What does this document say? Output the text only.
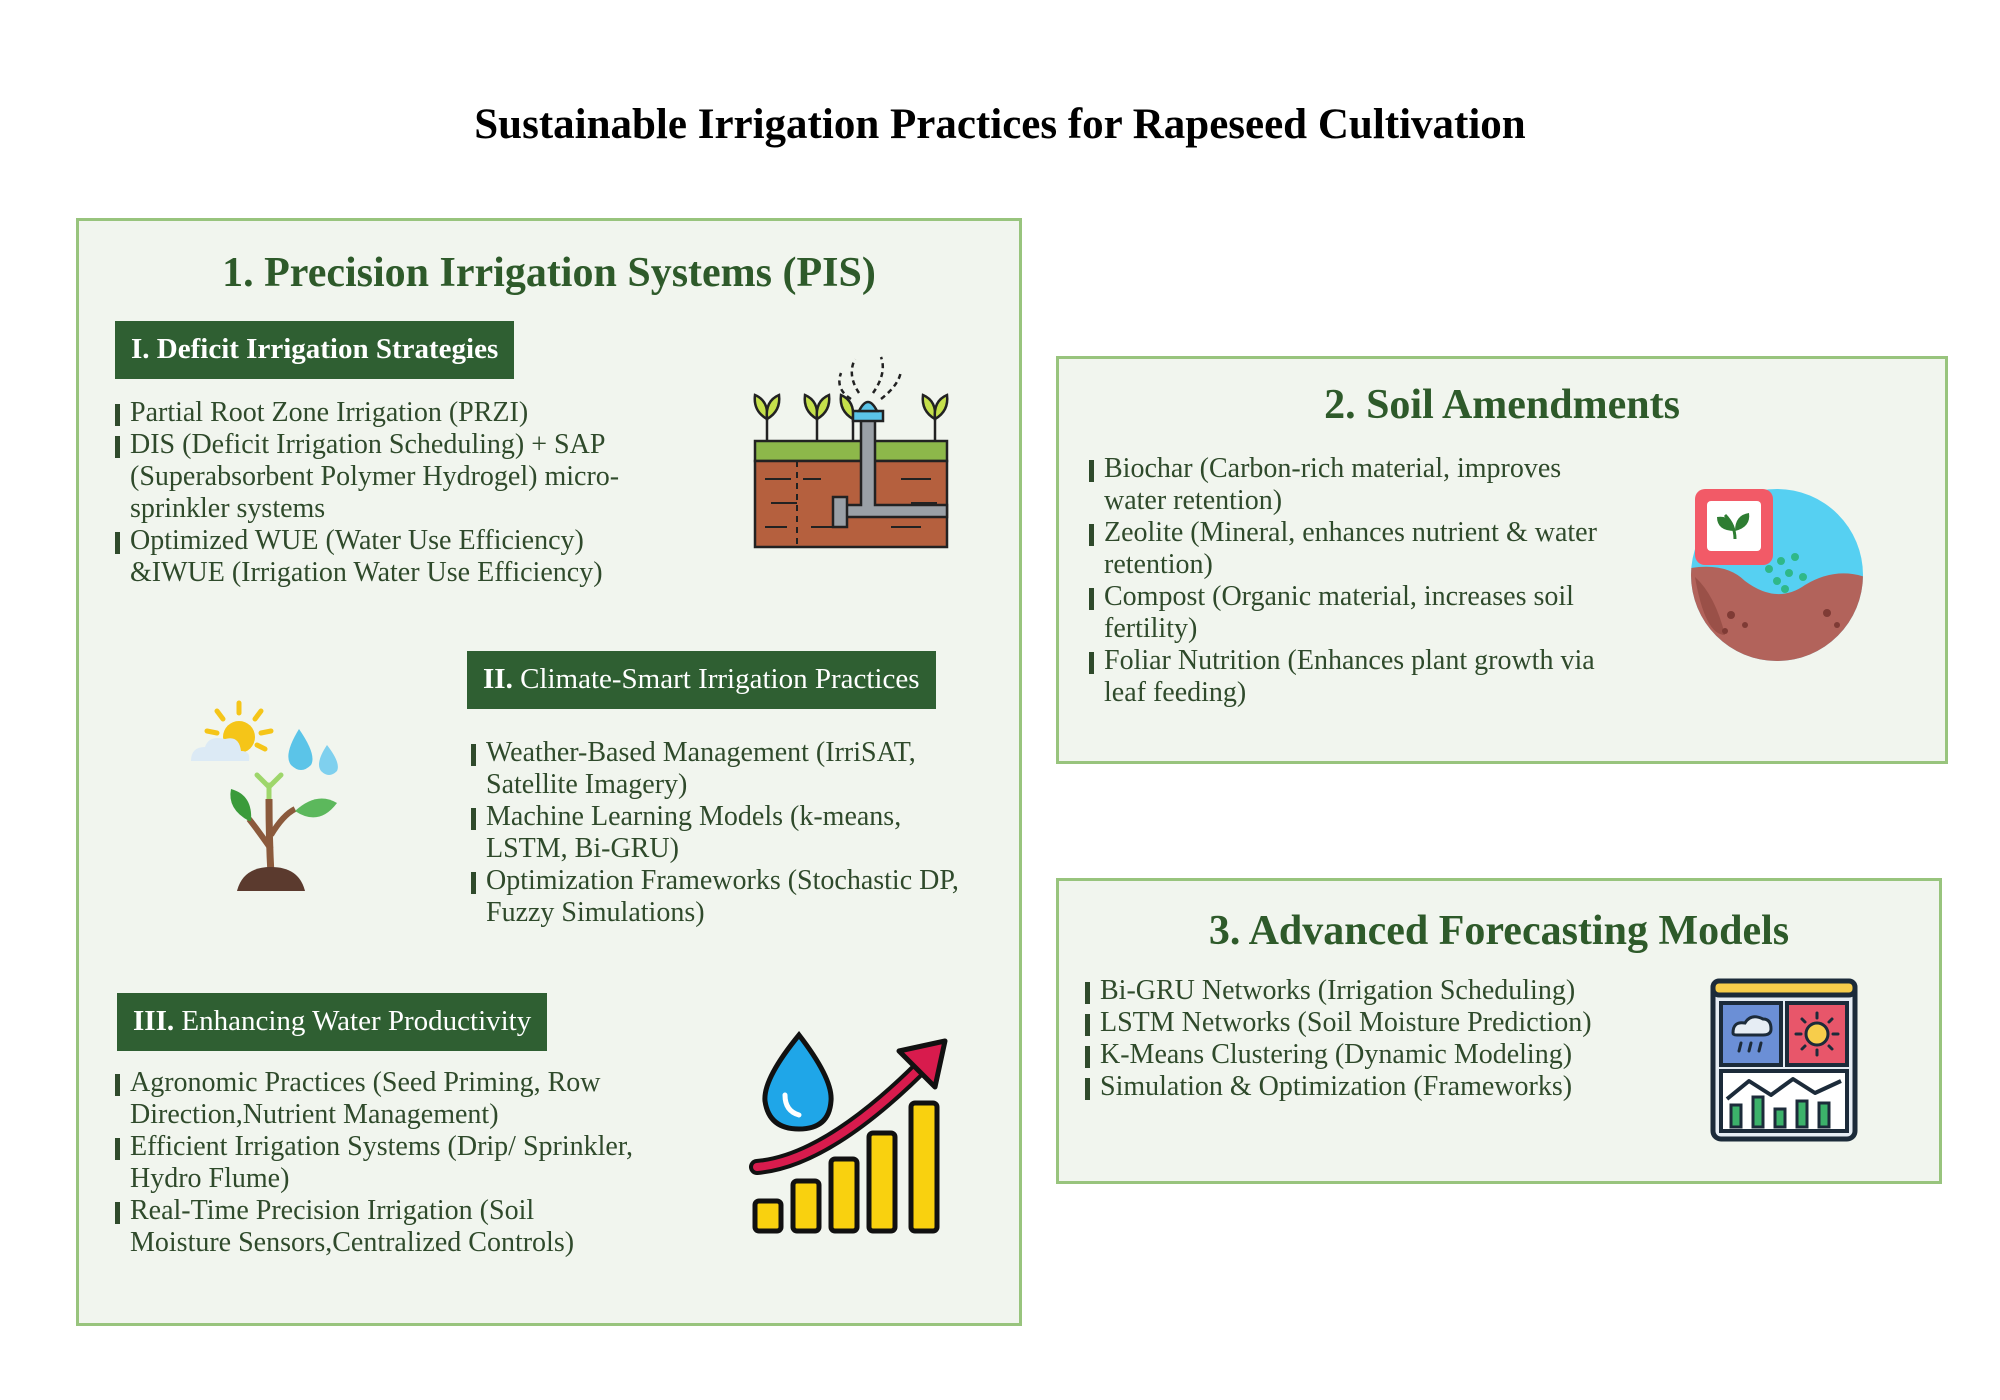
Sustainable Irrigation Practices for Rapeseed Cultivation
1. Precision Irrigation Systems (PIS)
I. Deficit Irrigation Strategies
Partial Root Zone Irrigation (PRZI)
DIS (Deficit Irrigation Scheduling) + SAP (Superabsorbent Polymer Hydrogel) micro-sprinkler systems
Optimized WUE (Water Use Efficiency) &IWUE (Irrigation Water Use Efficiency)
II. Climate-Smart Irrigation Practices
Weather-Based Management (IrriSAT, Satellite Imagery)
Machine Learning Models (k-means, LSTM, Bi-GRU)
Optimization Frameworks (Stochastic DP, Fuzzy Simulations)
III. Enhancing Water Productivity
Agronomic Practices (Seed Priming, Row Direction,Nutrient Management)
Efficient Irrigation Systems (Drip/ Sprinkler, Hydro Flume)
Real-Time Precision Irrigation (Soil Moisture Sensors,Centralized Controls)
2. Soil Amendments
Biochar (Carbon-rich material, improves water retention)
Zeolite (Mineral, enhances nutrient & water retention)
Compost (Organic material, increases soil fertility)
Foliar Nutrition (Enhances plant growth via leaf feeding)
3. Advanced Forecasting Models
Bi-GRU Networks (Irrigation Scheduling)
LSTM Networks (Soil Moisture Prediction)
K-Means Clustering (Dynamic Modeling)
Simulation & Optimization (Frameworks)
